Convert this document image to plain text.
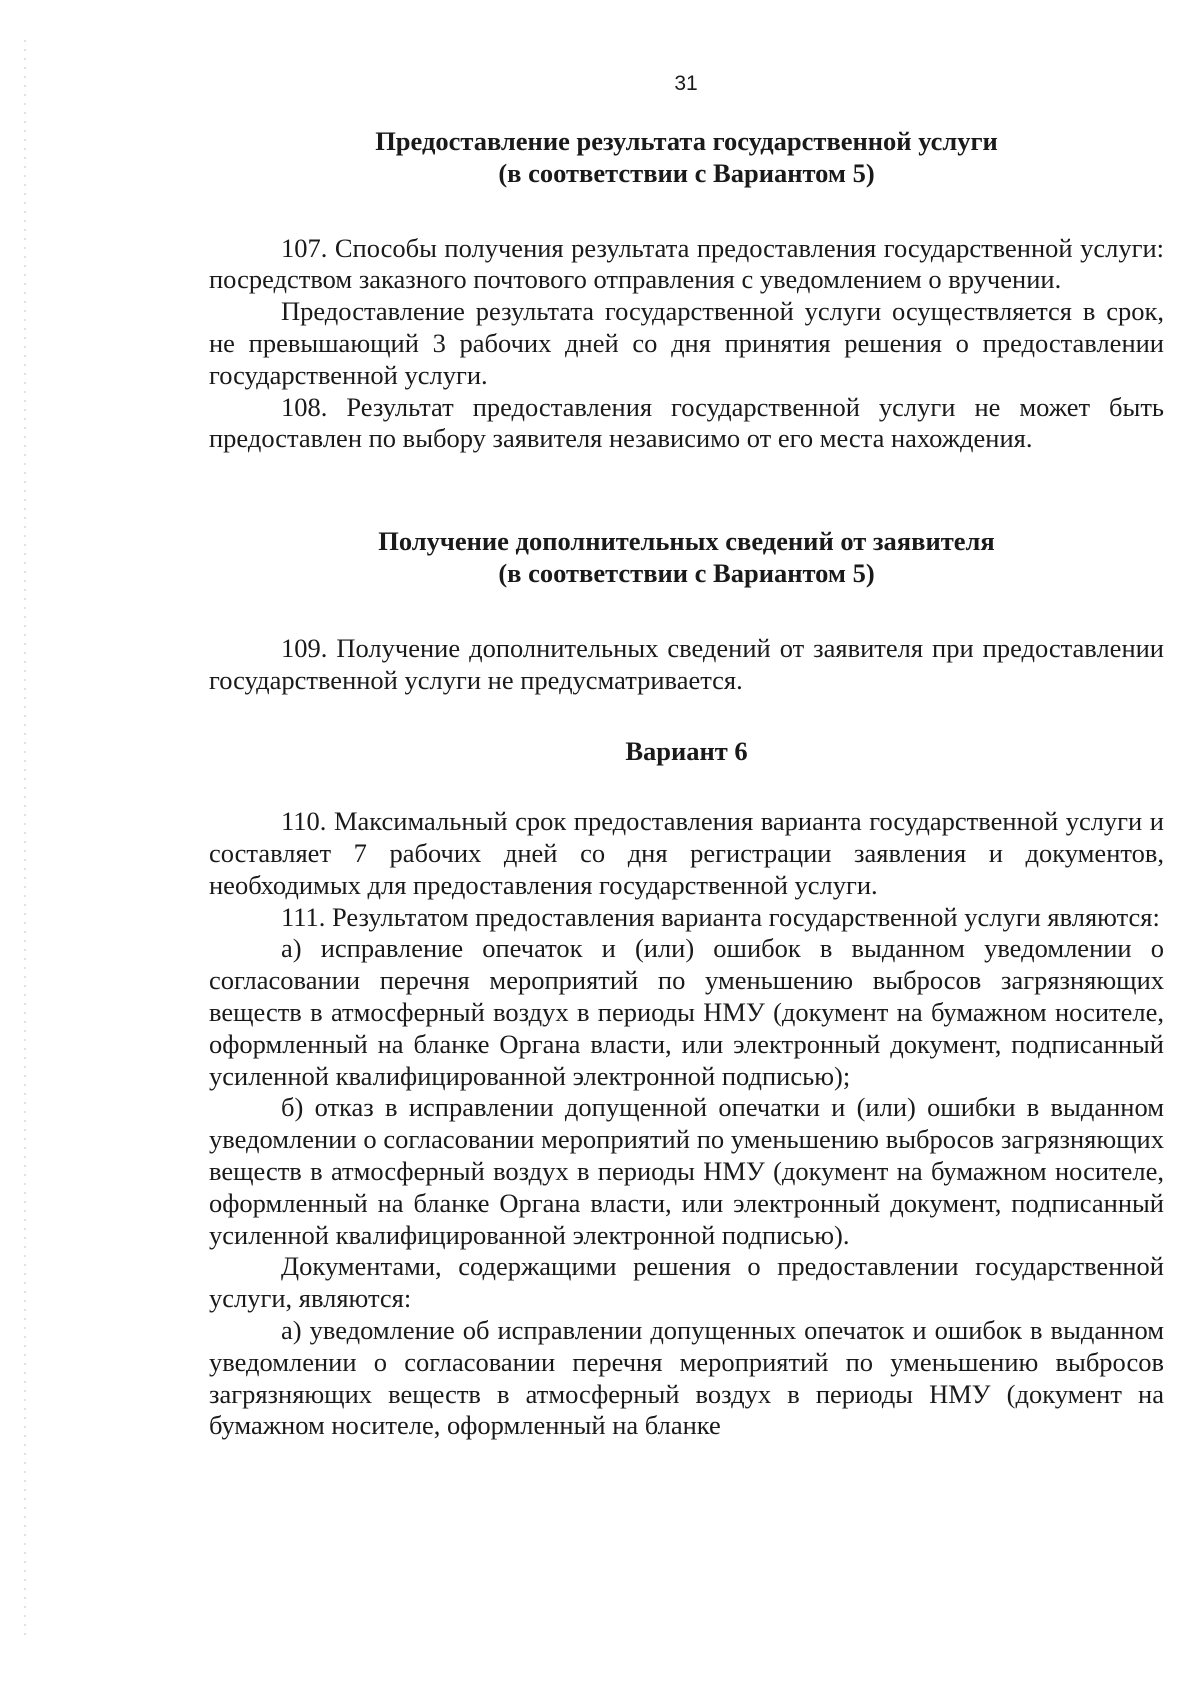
31
Предоставление результата государственной услуги
(в соответствии с Вариантом 5)

107. Способы получения результата предоставления государственной услуги: посредством заказного почтового отправления с уведомлением о вручении.

Предоставление результата государственной услуги осуществляется в срок, не превышающий 3 рабочих дней со дня принятия решения о предоставлении государственной услуги.

108. Результат предоставления государственной услуги не может быть предоставлен по выбору заявителя независимо от его места нахождения.

Получение дополнительных сведений от заявителя
(в соответствии с Вариантом 5)

109. Получение дополнительных сведений от заявителя при предоставлении государственной услуги не предусматривается.

Вариант 6

110. Максимальный срок предоставления варианта государственной услуги и составляет 7 рабочих дней со дня регистрации заявления и документов, необходимых для предоставления государственной услуги.

111. Результатом предоставления варианта государственной услуги являются:

а) исправление опечаток и (или) ошибок в выданном уведомлении о согласовании перечня мероприятий по уменьшению выбросов загрязняющих веществ в атмосферный воздух в периоды НМУ (документ на бумажном носителе, оформленный на бланке Органа власти, или электронный документ, подписанный усиленной квалифицированной электронной подписью);

б) отказ в исправлении допущенной опечатки и (или) ошибки в выданном уведомлении о согласовании мероприятий по уменьшению выбросов загрязняющих веществ в атмосферный воздух в периоды НМУ (документ на бумажном носителе, оформленный на бланке Органа власти, или электронный документ, подписанный усиленной квалифицированной электронной подписью).

Документами, содержащими решения о предоставлении государственной услуги, являются:

а) уведомление об исправлении допущенных опечаток и ошибок в выданном уведомлении о согласовании перечня мероприятий по уменьшению выбросов загрязняющих веществ в атмосферный воздух в периоды НМУ (документ на бумажном носителе, оформленный на бланке
